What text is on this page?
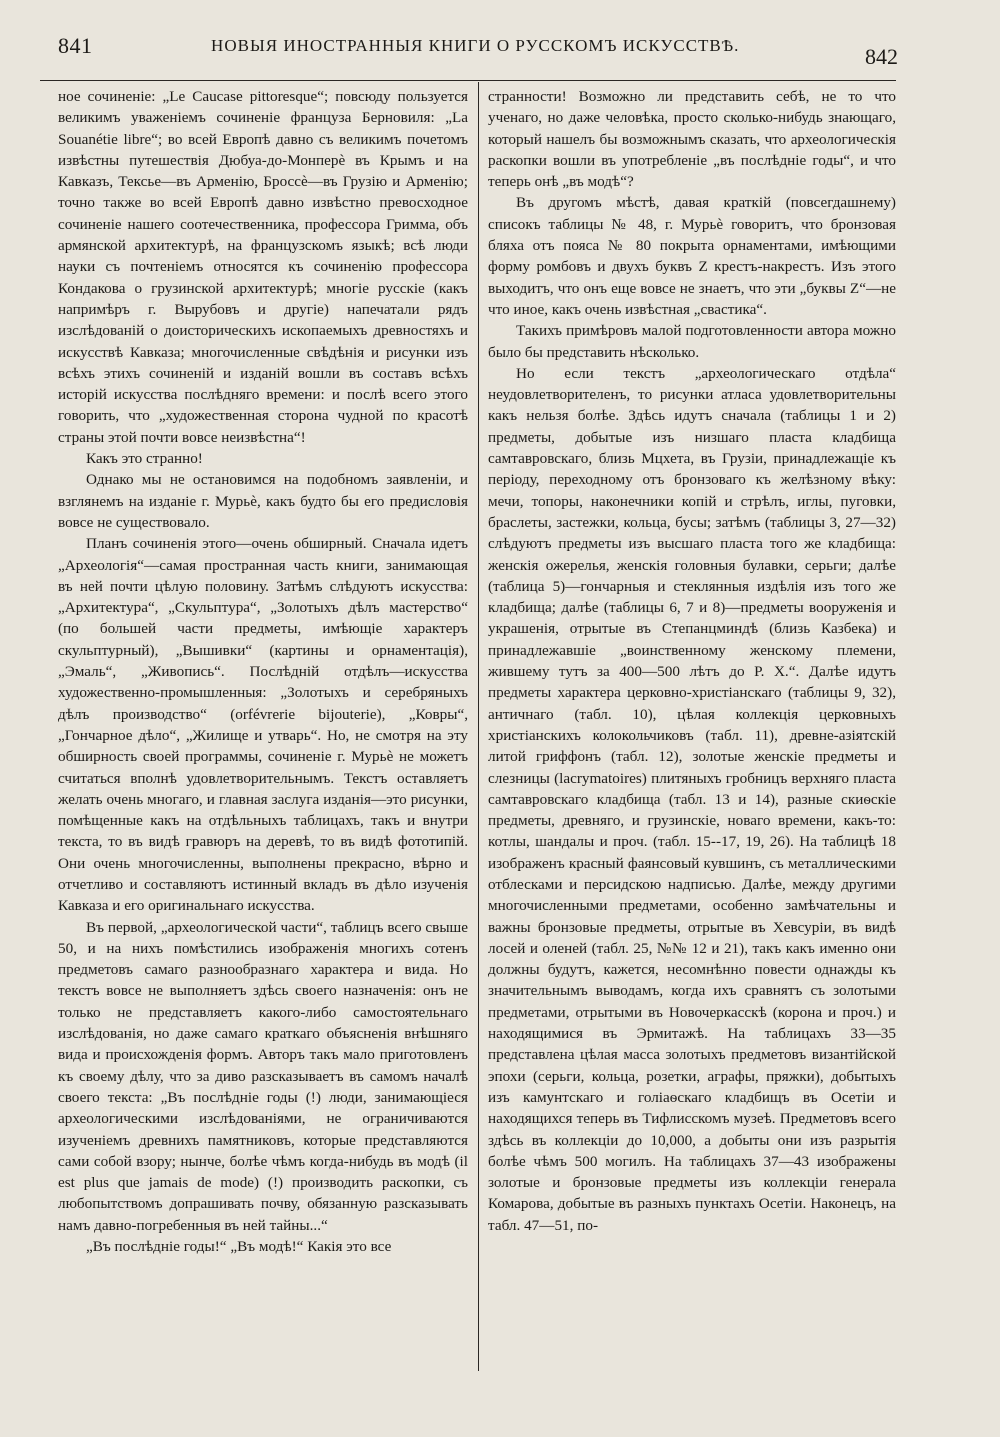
841	НОВЫЯ ИНОСТРАННЫЯ КНИГИ О РУССКОМЪ ИСКУССТВѢ.	842

ное сочиненіе: „Le Caucase pittoresque“; повсюду пользуется великимъ уваженіемъ сочиненіе француза Берновиля: „La Souanétie libre“; во всей Европѣ давно съ великимъ почетомъ извѣстны путешествія Дюбуа-до-Монперѐ въ Крымъ и на Кавказъ, Тексье—въ Арменію, Броссè—въ Грузію и Арменію; точно также во всей Европѣ давно извѣстно превосходное сочиненіе нашего соотечественника, профессора Гримма, объ армянской архитектурѣ, на французскомъ языкѣ; всѣ люди науки съ почтеніемъ относятся къ сочиненію профессора Кондакова о грузинской архитектурѣ; многіе русскіе (какъ напримѣръ г. Вырубовъ и другіе) напечатали рядъ изслѣдованій о доисторическихъ ископаемыхъ древностяхъ и искусствѣ Кавказа; многочисленные свѣдѣнія и рисунки изъ всѣхъ этихъ сочиненій и изданій вошли въ составъ всѣхъ исторій искусства послѣдняго времени: и послѣ всего этого говорить, что „художественная сторона чудной по красотѣ страны этой почти вовсе неизвѣстна“!

Какъ это странно!

Однако мы не остановимся на подобномъ заявленіи, и взглянемъ на изданіе г. Мурьè, какъ будто бы его предисловія вовсе не существовало.

Планъ сочиненія этого—очень обширный. Сначала идетъ „Археологія“—самая пространная часть книги, занимающая въ ней почти цѣлую половину. Затѣмъ слѣдуютъ искусства: „Архитектура“, „Скульптура“, „Золотыхъ дѣлъ мастерство“ (по большей части предметы, имѣющіе характеръ скульптурный), „Вышивки“ (картины и орнаментація), „Эмаль“, „Живопись“. Послѣдній отдѣлъ—искусства художественно-промышленныя: „Золотыхъ и серебряныхъ дѣлъ производство“ (orfévrerie bijouterie), „Ковры“, „Гончарное дѣло“, „Жилище и утварь“. Но, не смотря на эту обширность своей программы, сочиненіе г. Мурьè не можетъ считаться вполнѣ удовлетворительнымъ. Текстъ оставляетъ желать очень многаго, и главная заслуга изданія—это рисунки, помѣщенные какъ на отдѣльныхъ таблицахъ, такъ и внутри текста, то въ видѣ гравюръ на деревѣ, то въ видѣ фототипій. Они очень многочисленны, выполнены прекрасно, вѣрно и отчетливо и составляютъ истинный вкладъ въ дѣло изученія Кавказа и его оригинальнаго искусства.

Въ первой, „археологической части“, таблицъ всего свыше 50, и на нихъ помѣстились изображенія многихъ сотенъ предметовъ самаго разнообразнаго характера и вида. Но текстъ вовсе не выполняетъ здѣсь своего назначенія: онъ не только не представляетъ какого-либо самостоятельнаго изслѣдованія, но даже самаго краткаго объясненія внѣшняго вида и происхожденія формъ. Авторъ такъ мало приготовленъ къ своему дѣлу, что за диво разсказываетъ въ самомъ началѣ своего текста: „Въ послѣдніе годы (!) люди, занимающіеся археологическими изслѣдованіями, не ограничиваются изученіемъ древнихъ памятниковъ, которые представляются сами собой взору; нынче, болѣе чѣмъ когда-нибудь въ модѣ (il est plus que jamais de mode) (!) производить раскопки, съ любопытствомъ допрашивать почву, обязанную разсказывать намъ давно-погребенныя въ ней тайны...“

„Въ послѣдніе годы!“ „Въ модѣ!“ Какія это все

странности! Возможно ли представить себѣ, не то что ученаго, но даже человѣка, просто сколько-нибудь знающаго, который нашелъ бы возможнымъ сказать, что археологическія раскопки вошли въ употребленіе „въ послѣдніе годы“, и что теперь онѣ „въ модѣ“?

Въ другомъ мѣстѣ, давая краткій (повсегдашнему) списокъ таблицы № 48, г. Мурьè говоритъ, что бронзовая бляха отъ пояса № 80 покрыта орнаментами, имѣющими форму ромбовъ и двухъ буквъ Z крестъ-накрестъ. Изъ этого выходитъ, что онъ еще вовсе не знаетъ, что эти „буквы Z“—не что иное, какъ очень извѣстная „свастика“.

Такихъ примѣровъ малой подготовленности автора можно было бы представить нѣсколько.

Но если текстъ „археологическаго отдѣла“ неудовлетворителенъ, то рисунки атласа удовлетворительны какъ нельзя болѣе. Здѣсь идутъ сначала (таблицы 1 и 2) предметы, добытые изъ низшаго пласта кладбища самтавровскаго, близь Мцхета, въ Грузіи, принадлежащіе къ періоду, переходному отъ бронзоваго къ желѣзному вѣку: мечи, топоры, наконечники копій и стрѣлъ, иглы, пуговки, браслеты, застежки, кольца, бусы; затѣмъ (таблицы 3, 27—32) слѣдуютъ предметы изъ высшаго пласта того же кладбища: женскія ожерелья, женскія головныя булавки, серьги; далѣе (таблица 5)—гончарныя и стеклянныя издѣлія изъ того же кладбища; далѣе (таблицы 6, 7 и 8)—предметы вооруженія и украшенія, отрытые въ Степанцминдѣ (близь Казбека) и принадлежавшіе „воинственному женскому племени, жившему тутъ за 400—500 лѣтъ до Р. Х.“. Далѣе идутъ предметы характера церковно-христіанскаго (таблицы 9, 32), античнаго (табл. 10), цѣлая коллекція церковныхъ христіанскихъ колокольчиковъ (табл. 11), древне-азіятскій литой гриффонъ (табл. 12), золотые женскіе предметы и слезницы (lacrymatoires) плитяныхъ гробницъ верхняго пласта самтавровскаго кладбища (табл. 13 и 14), разные скиѳскіе предметы, древняго, и грузинскіе, новаго времени, какъ-то: котлы, шандалы и проч. (табл. 15--17, 19, 26). На таблицѣ 18 изображенъ красный фаянсовый кувшинъ, съ металлическими отблесками и персидскою надписью. Далѣе, между другими многочисленными предметами, особенно замѣчательны и важны бронзовые предметы, отрытые въ Хевсуріи, въ видѣ лосей и оленей (табл. 25, №№ 12 и 21), такъ какъ именно они должны будутъ, кажется, несомнѣнно повести однажды къ значительнымъ выводамъ, когда ихъ сравнятъ съ золотыми предметами, отрытыми въ Новочеркасскѣ (корона и проч.) и находящимися въ Эрмитажѣ. На таблицахъ 33—35 представлена цѣлая масса золотыхъ предметовъ византійской эпохи (серьги, кольца, розетки, аграфы, пряжки), добытыхъ изъ камунтскаго и голіаѳскаго кладбищъ въ Осетіи и находящихся теперь въ Тифлисскомъ музеѣ. Предметовъ всего здѣсь въ коллекціи до 10,000, а добыты они изъ разрытія болѣе чѣмъ 500 могилъ. На таблицахъ 37—43 изображены золотые и бронзовые предметы изъ коллекціи генерала Комарова, добытые въ разныхъ пунктахъ Осетіи. Наконецъ, на табл. 47—51, по-
